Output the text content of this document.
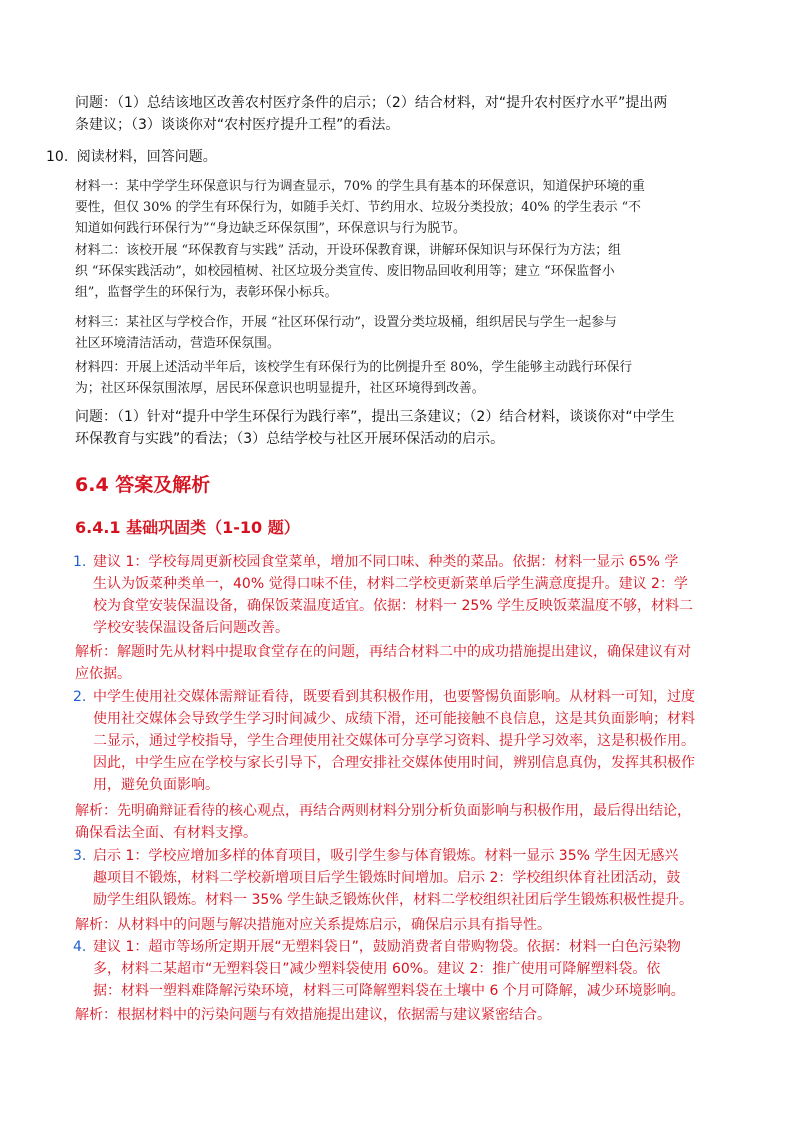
问题：（1）总结该地区改善农村医疗条件的启示；（2）结合材料，对“提升农村医疗水平”提出两
条建议；（3）谈谈你对“农村医疗提升工程”的看法。
10. 阅读材料，回答问题。
材料一：某中学学生环保意识与行为调查显示，70% 的学生具有基本的环保意识，知道保护环境的重
要性，但仅 30% 的学生有环保行为，如随手关灯、节约用水、垃圾分类投放；40% 的学生表示 “不
知道如何践行环保行为”“身边缺乏环保氛围”，环保意识与行为脱节。
材料二：该校开展 “环保教育与实践” 活动，开设环保教育课，讲解环保知识与环保行为方法；组
织 “环保实践活动”，如校园植树、社区垃圾分类宣传、废旧物品回收利用等；建立 “环保监督小
组”，监督学生的环保行为，表彰环保小标兵。
材料三：某社区与学校合作，开展 “社区环保行动”，设置分类垃圾桶，组织居民与学生一起参与
社区环境清洁活动，营造环保氛围。
材料四：开展上述活动半年后，该校学生有环保行为的比例提升至 80%，学生能够主动践行环保行
为；社区环保氛围浓厚，居民环保意识也明显提升，社区环境得到改善。
问题：（1）针对“提升中学生环保行为践行率”，提出三条建议；（2）结合材料，谈谈你对“中学生
环保教育与实践”的看法；（3）总结学校与社区开展环保活动的启示。
6.4 答案及解析
6.4.1 基础巩固类（1-10 题）
1. 建议 1：学校每周更新校园食堂菜单，增加不同口味、种类的菜品。依据：材料一显示 65% 学
生认为饭菜种类单一，40% 觉得口味不佳，材料二学校更新菜单后学生满意度提升。建议 2：学
校为食堂安装保温设备，确保饭菜温度适宜。依据：材料一 25% 学生反映饭菜温度不够，材料二
学校安装保温设备后问题改善。
解析：解题时先从材料中提取食堂存在的问题，再结合材料二中的成功措施提出建议，确保建议有对
应依据。
2. 中学生使用社交媒体需辩证看待，既要看到其积极作用，也要警惕负面影响。从材料一可知，过度
使用社交媒体会导致学生学习时间减少、成绩下滑，还可能接触不良信息，这是其负面影响；材料
二显示，通过学校指导，学生合理使用社交媒体可分享学习资料、提升学习效率，这是积极作用。
因此，中学生应在学校与家长引导下，合理安排社交媒体使用时间，辨别信息真伪，发挥其积极作
用，避免负面影响。
解析：先明确辩证看待的核心观点，再结合两则材料分别分析负面影响与积极作用，最后得出结论，
确保看法全面、有材料支撑。
3. 启示 1：学校应增加多样的体育项目，吸引学生参与体育锻炼。材料一显示 35% 学生因无感兴
趣项目不锻炼，材料二学校新增项目后学生锻炼时间增加。启示 2：学校组织体育社团活动，鼓
励学生组队锻炼。材料一 35% 学生缺乏锻炼伙伴，材料二学校组织社团后学生锻炼积极性提升。
解析：从材料中的问题与解决措施对应关系提炼启示，确保启示具有指导性。
4. 建议 1：超市等场所定期开展“无塑料袋日”，鼓励消费者自带购物袋。依据：材料一白色污染物
多，材料二某超市“无塑料袋日”减少塑料袋使用 60%。建议 2：推广使用可降解塑料袋。依
据：材料一塑料难降解污染环境，材料三可降解塑料袋在土壤中 6 个月可降解，减少环境影响。
解析：根据材料中的污染问题与有效措施提出建议，依据需与建议紧密结合。
